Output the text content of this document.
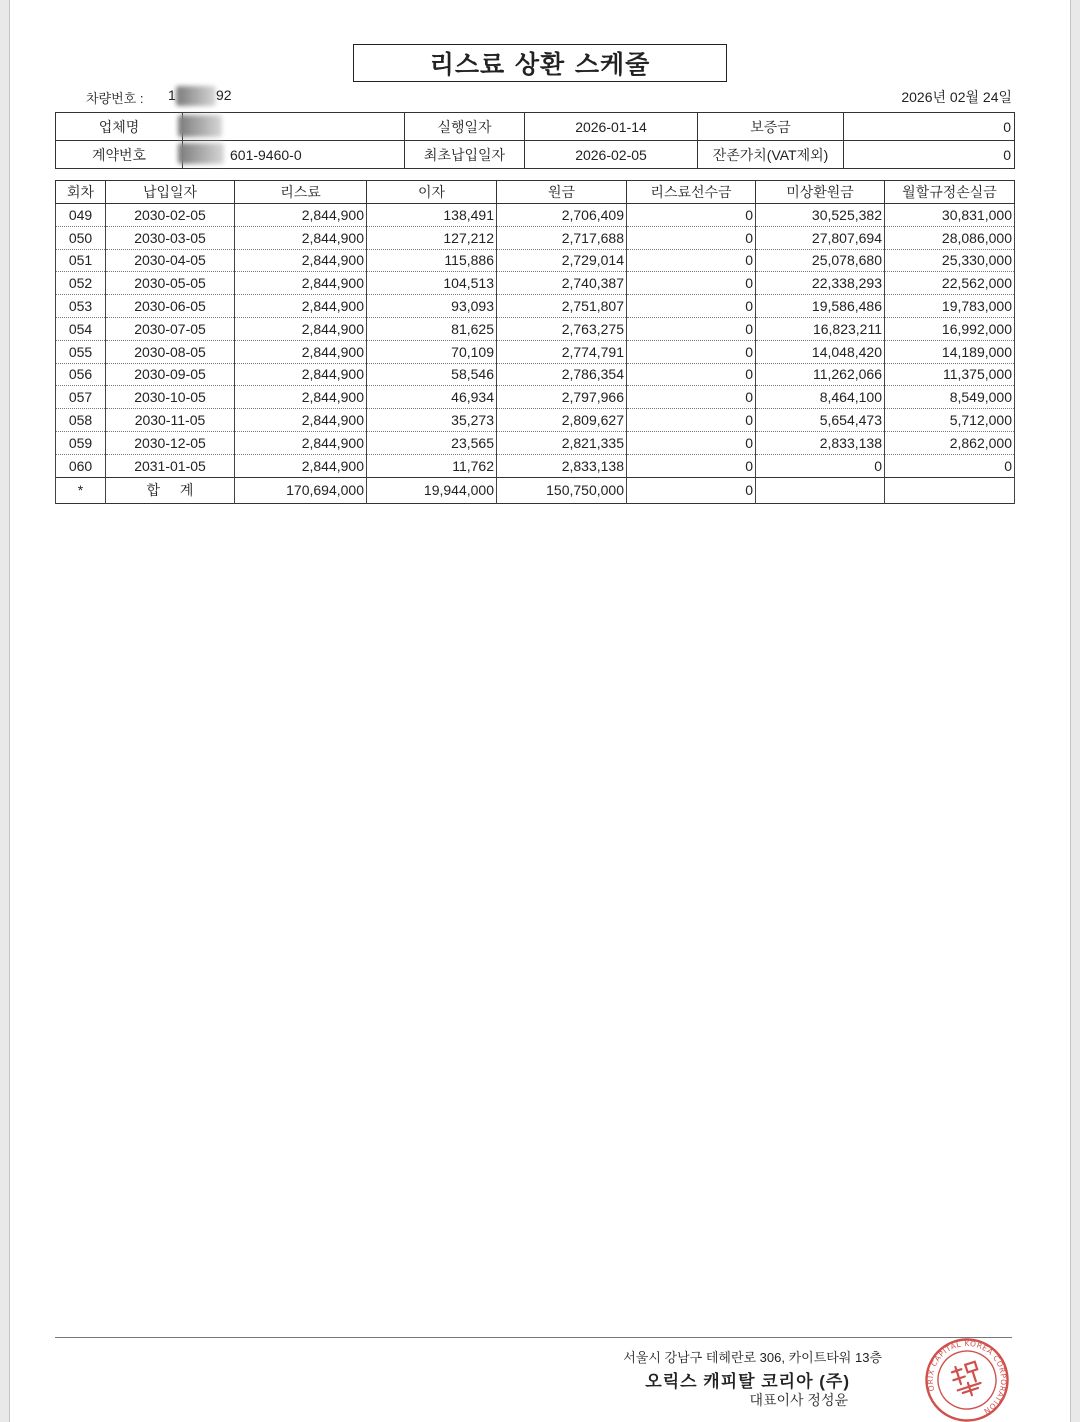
리스료 상환 스케줄
차량번호 : 1	92	2026년 02월 24일
업체명		실행일자	2026-01-14	보증금	0
계약번호	601-9460-0	최초납입일자	2026-02-05	잔존가치(VAT제외)	0
회차	납입일자	리스료	이자	원금	리스료선수금	미상환원금	월할규정손실금
049	2030-02-05	2,844,900	138,491	2,706,409	0	30,525,382	30,831,000
050	2030-03-05	2,844,900	127,212	2,717,688	0	27,807,694	28,086,000
051	2030-04-05	2,844,900	115,886	2,729,014	0	25,078,680	25,330,000
052	2030-05-05	2,844,900	104,513	2,740,387	0	22,338,293	22,562,000
053	2030-06-05	2,844,900	93,093	2,751,807	0	19,586,486	19,783,000
054	2030-07-05	2,844,900	81,625	2,763,275	0	16,823,211	16,992,000
055	2030-08-05	2,844,900	70,109	2,774,791	0	14,048,420	14,189,000
056	2030-09-05	2,844,900	58,546	2,786,354	0	11,262,066	11,375,000
057	2030-10-05	2,844,900	46,934	2,797,966	0	8,464,100	8,549,000
058	2030-11-05	2,844,900	35,273	2,809,627	0	5,654,473	5,712,000
059	2030-12-05	2,844,900	23,565	2,821,335	0	2,833,138	2,862,000
060	2031-01-05	2,844,900	11,762	2,833,138	0	0	0
*	합 계	170,694,000	19,944,000	150,750,000	0		
서울시 강남구 테헤란로 306, 카이트타워 13층
오릭스 캐피탈 코리아 (주)
대표이사 정성윤
ORIX CAPITAL KOREA CORPORATION
